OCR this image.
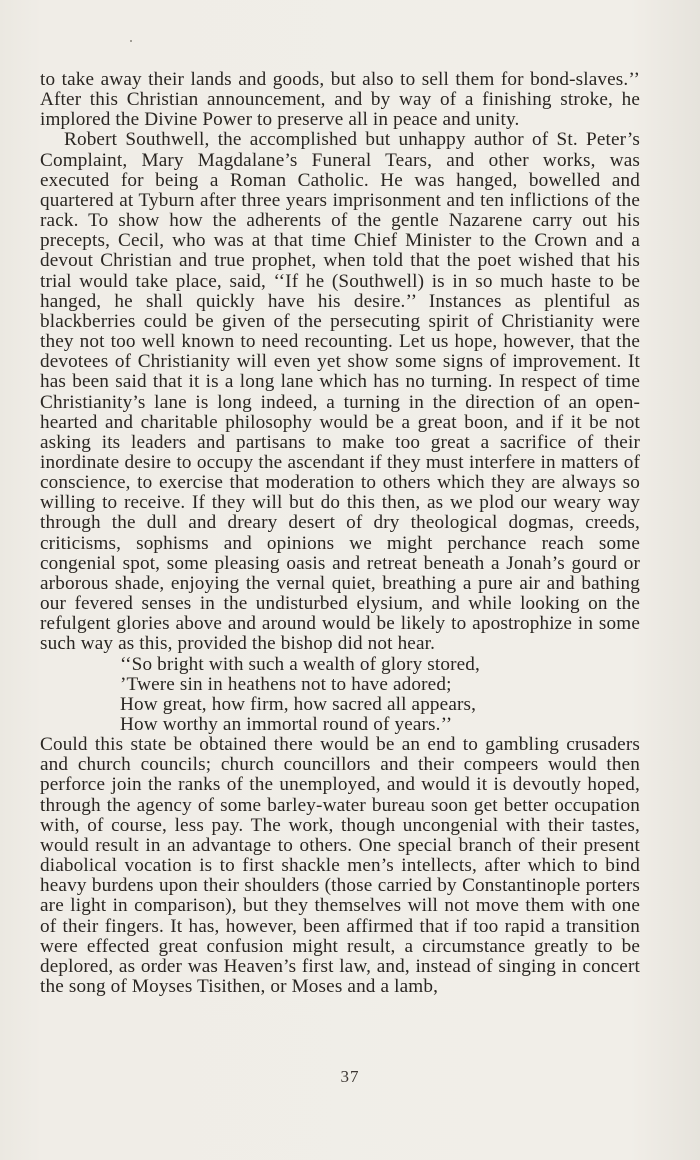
to take away their lands and goods, but also to sell them for bond-slaves.’’ After this Christian announcement, and by way of a finishing stroke, he implored the Divine Power to preserve all in peace and unity.

Robert Southwell, the accomplished but unhappy author of St. Peter’s Complaint, Mary Magdalane’s Funeral Tears, and other works, was executed for being a Roman Catholic. He was hanged, bowelled and quartered at Tyburn after three years imprisonment and ten inflictions of the rack. To show how the adherents of the gentle Nazarene carry out his precepts, Cecil, who was at that time Chief Minister to the Crown and a devout Christian and true prophet, when told that the poet wished that his trial would take place, said, ‘‘If he (Southwell) is in so much haste to be hanged, he shall quickly have his desire.’’ Instances as plentiful as blackberries could be given of the persecuting spirit of Christianity were they not too well known to need recounting. Let us hope, however, that the devotees of Christianity will even yet show some signs of improvement. It has been said that it is a long lane which has no turning. In respect of time Christianity’s lane is long indeed, a turning in the direction of an open-hearted and charitable philosophy would be a great boon, and if it be not asking its leaders and partisans to make too great a sacrifice of their inordinate desire to occupy the ascendant if they must interfere in matters of conscience, to exercise that moderation to others which they are always so willing to receive. If they will but do this then, as we plod our weary way through the dull and dreary desert of dry theological dogmas, creeds, criticisms, sophisms and opinions we might perchance reach some congenial spot, some pleasing oasis and retreat beneath a Jonah’s gourd or arborous shade, enjoying the vernal quiet, breathing a pure air and bathing our fevered senses in the undisturbed elysium, and while looking on the refulgent glories above and around would be likely to apostrophize in some such way as this, provided the bishop did not hear.

‘‘So bright with such a wealth of glory stored,
’Twere sin in heathens not to have adored;
How great, how firm, how sacred all appears,
How worthy an immortal round of years.’’

Could this state be obtained there would be an end to gambling crusaders and church councils; church councillors and their compeers would then perforce join the ranks of the unemployed, and would it is devoutly hoped, through the agency of some barley-water bureau soon get better occupation with, of course, less pay. The work, though uncongenial with their tastes, would result in an advantage to others. One special branch of their present diabolical vocation is to first shackle men’s intellects, after which to bind heavy burdens upon their shoulders (those carried by Constantinople porters are light in comparison), but they themselves will not move them with one of their fingers. It has, however, been affirmed that if too rapid a transition were effected great confusion might result, a circumstance greatly to be deplored, as order was Heaven’s first law, and, instead of singing in concert the song of Moyses Tisithen, or Moses and a lamb,

37
